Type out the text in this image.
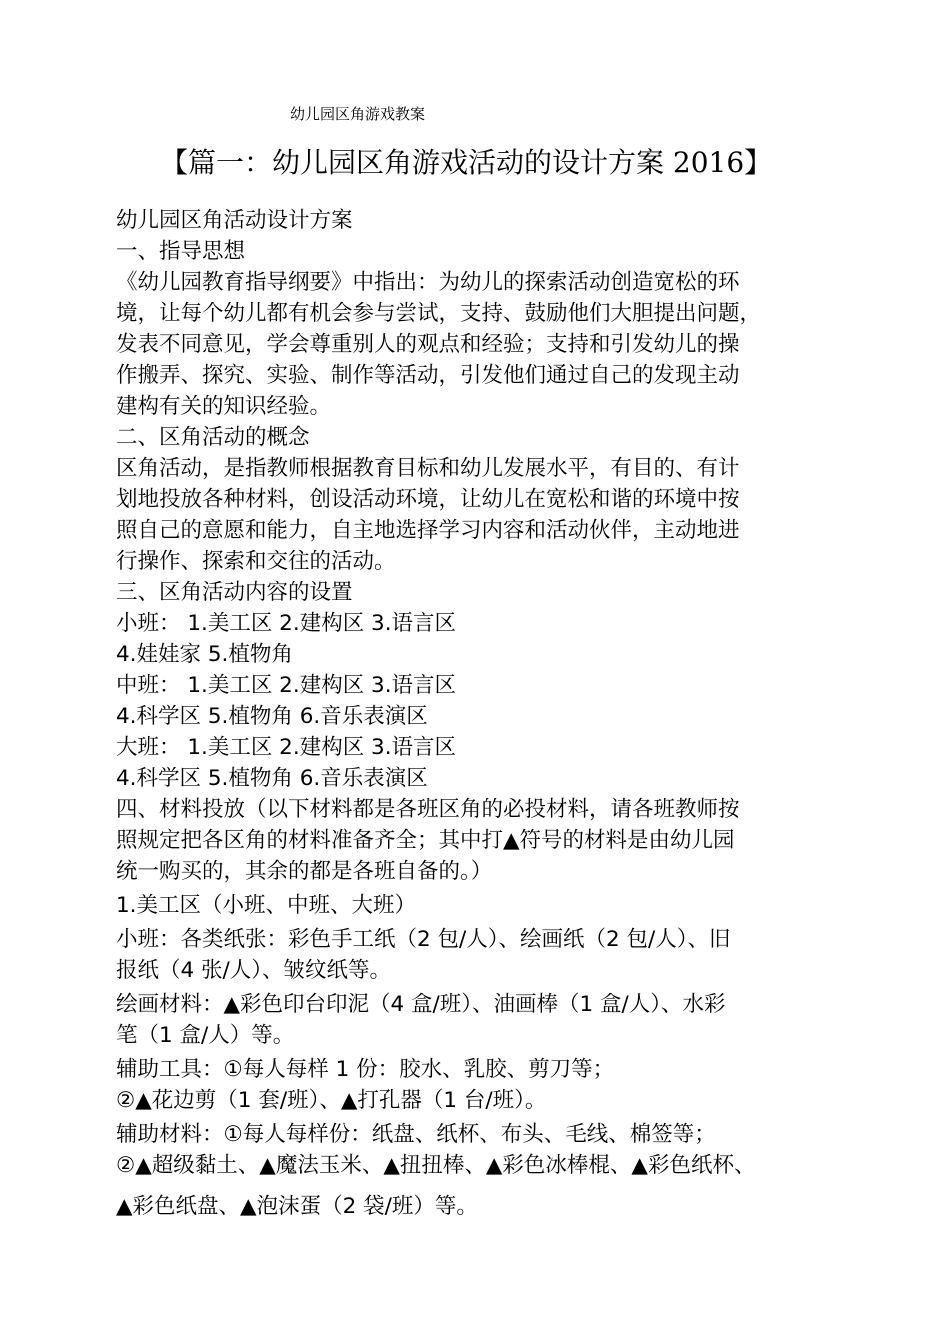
幼儿园区角游戏教案
【篇一：幼儿园区角游戏活动的设计方案 2016】
幼儿园区角活动设计方案
一、指导思想
《幼儿园教育指导纲要》中指出：为幼儿的探索活动创造宽松的环
境，让每个幼儿都有机会参与尝试，支持、鼓励他们大胆提出问题，
发表不同意见，学会尊重别人的观点和经验；支持和引发幼儿的操
作搬弄、探究、实验、制作等活动，引发他们通过自己的发现主动
建构有关的知识经验。
二、区角活动的概念
区角活动，是指教师根据教育目标和幼儿发展水平，有目的、有计
划地投放各种材料，创设活动环境，让幼儿在宽松和谐的环境中按
照自己的意愿和能力，自主地选择学习内容和活动伙伴，主动地进
行操作、探索和交往的活动。
三、区角活动内容的设置
小班： 1.美工区 2.建构区 3.语言区
4.娃娃家 5.植物角
中班： 1.美工区 2.建构区 3.语言区
4.科学区 5.植物角 6.音乐表演区
大班： 1.美工区 2.建构区 3.语言区
4.科学区 5.植物角 6.音乐表演区
四、材料投放（以下材料都是各班区角的必投材料，请各班教师按
照规定把各区角的材料准备齐全；其中打▲符号的材料是由幼儿园
统一购买的，其余的都是各班自备的。）
1.美工区（小班、中班、大班）
小班：各类纸张：彩色手工纸（2 包/人）、绘画纸（2 包/人）、旧
报纸（4 张/人）、皱纹纸等。
绘画材料：▲彩色印台印泥（4 盒/班）、油画棒（1 盒/人）、水彩
笔（1 盒/人）等。
辅助工具：①每人每样 1 份：胶水、乳胶、剪刀等；
②▲花边剪（1 套/班）、▲打孔器（1 台/班）。
辅助材料：①每人每样份：纸盘、纸杯、布头、毛线、棉签等；
②▲超级黏土、▲魔法玉米、▲扭扭棒、▲彩色冰棒棍、▲彩色纸杯、
▲彩色纸盘、▲泡沫蛋（2 袋/班）等。
